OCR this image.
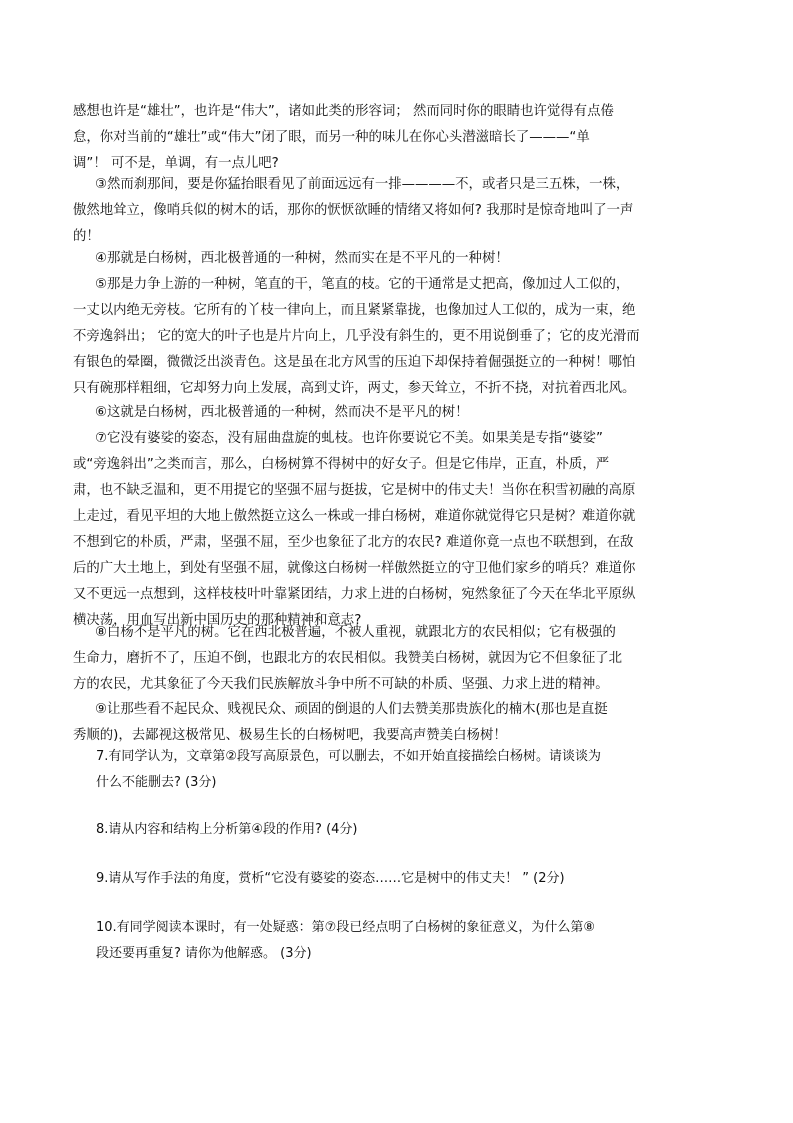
感想也许是“雄壮”，也许是“伟大”，诸如此类的形容词； 然而同时你的眼睛也许觉得有点倦
怠，你对当前的“雄壮”或“伟大”闭了眼，而另一种的味儿在你心头潜滋暗长了———“单
调”！ 可不是，单调，有一点儿吧?

③然而刹那间，要是你猛抬眼看见了前面远远有一排————不，或者只是三五株，一株，
傲然地耸立，像哨兵似的树木的话，那你的恹恹欲睡的情绪又将如何? 我那时是惊奇地叫了一声
的！

④那就是白杨树，西北极普通的一种树，然而实在是不平凡的一种树！

⑤那是力争上游的一种树，笔直的干，笔直的枝。它的干通常是丈把高，像加过人工似的，
一丈以内绝无旁枝。它所有的丫枝一律向上，而且紧紧靠拢，也像加过人工似的，成为一束，绝
不旁逸斜出； 它的宽大的叶子也是片片向上，几乎没有斜生的，更不用说倒垂了；它的皮光滑而
有银色的晕圈，微微泛出淡青色。这是虽在北方风雪的压迫下却保持着倔强挺立的一种树！哪怕
只有碗那样粗细，它却努力向上发展，高到丈许，两丈，参天耸立，不折不挠，对抗着西北风。

⑥这就是白杨树，西北极普通的一种树，然而决不是平凡的树！

⑦它没有婆娑的姿态，没有屈曲盘旋的虬枝。也许你要说它不美。如果美是专指“婆娑”
或“旁逸斜出”之类而言，那么，白杨树算不得树中的好女子。但是它伟岸，正直，朴质，严
肃，也不缺乏温和，更不用提它的坚强不屈与挺拔，它是树中的伟丈夫！当你在积雪初融的高原
上走过，看见平坦的大地上傲然挺立这么一株或一排白杨树，难道你就觉得它只是树？难道你就
不想到它的朴质，严肃，坚强不屈，至少也象征了北方的农民? 难道你竟一点也不联想到，在敌
后的广大土地上，到处有坚强不屈，就像这白杨树一样傲然挺立的守卫他们家乡的哨兵？难道你
又不更远一点想到，这样枝枝叶叶靠紧团结，力求上进的白杨树，宛然象征了今天在华北平原纵
横决荡，用血写出新中国历史的那种精神和意志?

⑧白杨不是平凡的树。它在西北极普遍，不被人重视，就跟北方的农民相似；它有极强的
生命力，磨折不了，压迫不倒，也跟北方的农民相似。我赞美白杨树，就因为它不但象征了北
方的农民，尤其象征了今天我们民族解放斗争中所不可缺的朴质、坚强、力求上进的精神。

⑨让那些看不起民众、贱视民众、顽固的倒退的人们去赞美那贵族化的楠木(那也是直挺
秀顺的)，去鄙视这极常见、极易生长的白杨树吧，我要高声赞美白杨树！

7.有同学认为，文章第②段写高原景色，可以删去，不如开始直接描绘白杨树。请谈谈为
什么不能删去? (3分)

8.请从内容和结构上分析第④段的作用? (4分)

9.请从写作手法的角度，赏析“它没有婆娑的姿态……它是树中的伟丈夫！ ” (2分)

10.有同学阅读本课时，有一处疑惑：第⑦段已经点明了白杨树的象征意义，为什么第⑧
段还要再重复? 请你为他解惑。 (3分)
